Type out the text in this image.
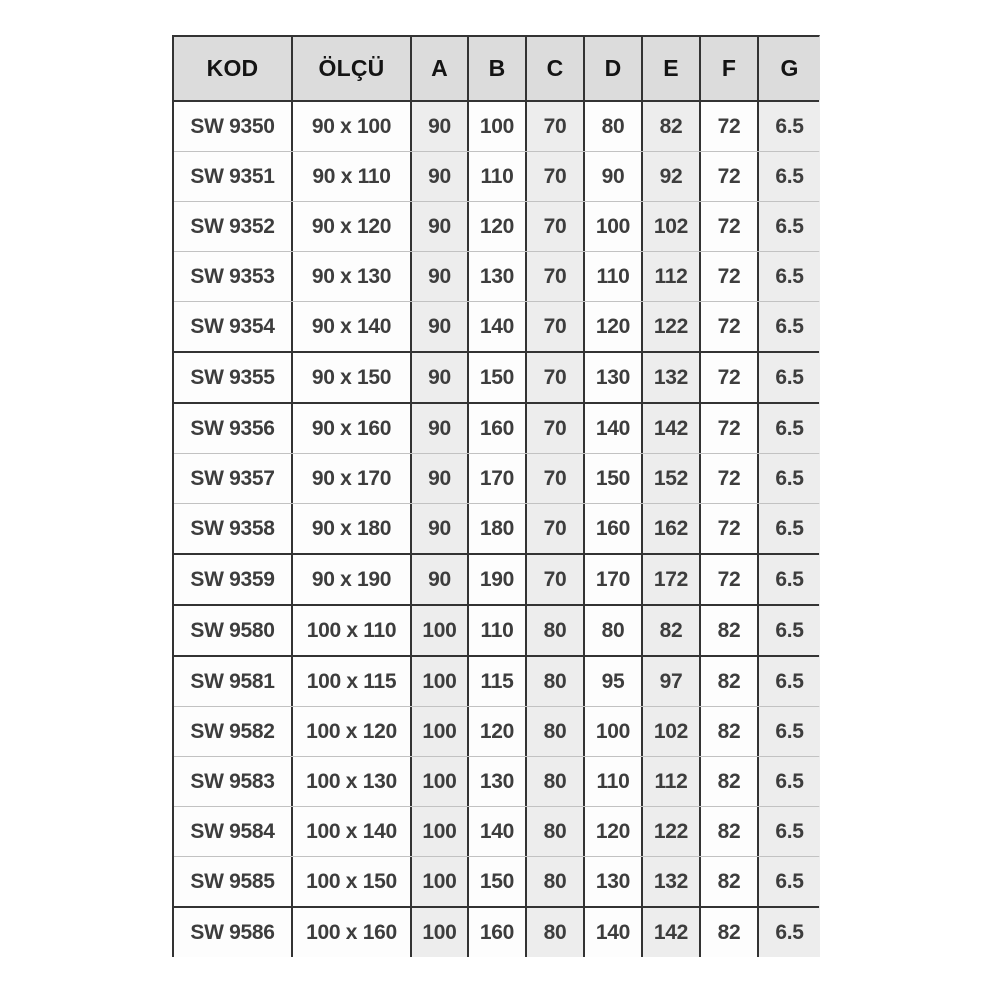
KOD	ÖLÇÜ	A	B	C	D	E	F	G
SW 9350	90 x 100	90	100	70	80	82	72	6.5
SW 9351	90 x 110	90	110	70	90	92	72	6.5
SW 9352	90 x 120	90	120	70	100	102	72	6.5
SW 9353	90 x 130	90	130	70	110	112	72	6.5
SW 9354	90 x 140	90	140	70	120	122	72	6.5
SW 9355	90 x 150	90	150	70	130	132	72	6.5
SW 9356	90 x 160	90	160	70	140	142	72	6.5
SW 9357	90 x 170	90	170	70	150	152	72	6.5
SW 9358	90 x 180	90	180	70	160	162	72	6.5
SW 9359	90 x 190	90	190	70	170	172	72	6.5
SW 9580	100 x 110	100	110	80	80	82	82	6.5
SW 9581	100 x 115	100	115	80	95	97	82	6.5
SW 9582	100 x 120	100	120	80	100	102	82	6.5
SW 9583	100 x 130	100	130	80	110	112	82	6.5
SW 9584	100 x 140	100	140	80	120	122	82	6.5
SW 9585	100 x 150	100	150	80	130	132	82	6.5
SW 9586	100 x 160	100	160	80	140	142	82	6.5
